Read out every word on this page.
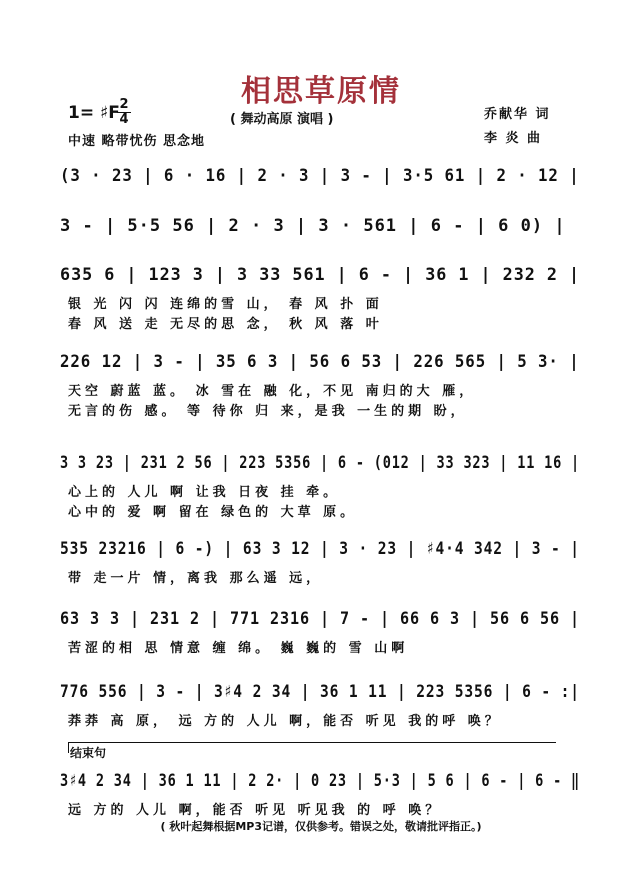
相思草原情
1= ♯F 2
4	( 舞动高原 演唱 )
中速 略带忧伤 思念地
乔献华 词
李 炎 曲
(3 · 23 | 6 · 16 | 2 · 3 | 3 - | 3·5 61 | 2 · 12 |
3 - | 5·5 56 | 2 · 3 | 3 · 561 | 6 - | 6 0) |
635 6 | 123 3 | 3 33 561 | 6 - | 36 1 | 232 2 |
银 光 闪 闪 连绵的雪 山， 春 风 扑 面
春 风 送 走 无尽的思 念， 秋 风 落 叶
226 12 | 3 - | 35 6 3 | 56 6 53 | 226 565 | 5 3· |
天空 蔚蓝 蓝。 冰 雪在 融 化，不见 南归的大 雁，
无言的伤 感。 等 待你 归 来，是我 一生的期 盼，
3 3 23 | 231 2 56 | 223 5356 | 6 - (012 | 33 323 | 11 16 |
心上的 人儿 啊 让我 日夜 挂 牵。
心中的 爱 啊 留在 绿色的 大草 原。
535 23216 | 6 -) | 63 3 12 | 3 · 23 | ♯4·4 342 | 3 - |
带 走一片 情，离我 那么遥 远，
63 3 3 | 231 2 | 771 2316 | 7 - | 66 6 3 | 56 6 56 |
苦涩的相 思 情意 缠 绵。 巍 巍的 雪 山啊
776 556 | 3 - | 3♯4 2 34 | 36 1 11 | 223 5356 | 6 - :|
莽莽 高 原， 远 方的 人儿 啊，能否 听见 我的呼 唤？
结束句
3♯4 2 34 | 36 1 11 | 2 2· | 0 23 | 5·3 | 5 6 | 6 - | 6 - ‖
远 方的 人儿 啊，能否 听见 听见我 的 呼 唤？
( 秋叶起舞根据MP3记谱，仅供参考。错误之处，敬请批评指正。)
